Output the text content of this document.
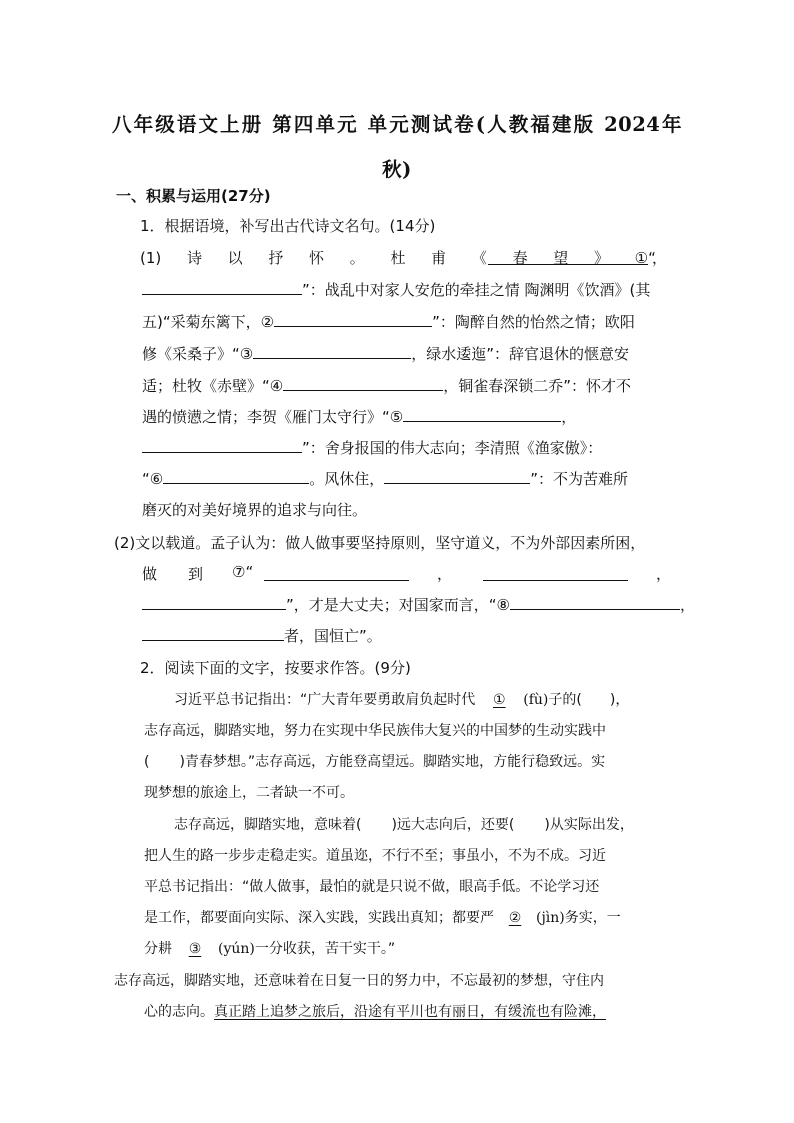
八年级语文上册 第四单元 单元测试卷(人教福建版 2024年
秋)
一、积累与运用(27分)
1．根据语境，补写出古代诗文名句。(14分)
(1) 诗 以 抒 怀 。 杜 甫 《 春 望 》 ①“
，
”：战乱中对家人安危的牵挂之情 陶渊明《饮酒》(其
五)“采菊东篱下，②	”：陶醉自然的怡然之情；欧阳
修《采桑子》“③	，绿水逶迤”：辞官退休的惬意安
适；杜牧《赤壁》“④	，铜雀春深锁二乔”：怀才不
遇的愤懑之情；李贺《雁门太守行》“⑤	，
”：舍身报国的伟大志向；李清照《渔家傲》：
“⑥	。风休住，	”：不为苦难所
磨灭的对美好境界的追求与向往。
(2)文以载道。孟子认为：做人做事要坚持原则，坚守道义，不为外部因素所困，
做 到 ⑦“	，	，
”，才是大丈夫；对国家而言，“⑧	，
者，国恒亡”。
2．阅读下面的文字，按要求作答。(9分)
习近平总书记指出：“广大青年要勇敢肩负起时代 ① (fù)子的( )，
志存高远，脚踏实地，努力在实现中华民族伟大复兴的中国梦的生动实践中
( )青春梦想。”志存高远，方能登高望远。脚踏实地，方能行稳致远。实
现梦想的旅途上，二者缺一不可。
志存高远，脚踏实地，意味着( )远大志向后，还要( )从实际出发，
把人生的路一步步走稳走实。道虽迩，不行不至；事虽小，不为不成。习近
平总书记指出：“做人做事，最怕的就是只说不做，眼高手低。不论学习还
是工作，都要面向实际、深入实践，实践出真知；都要严 ② (jìn)务实，一
分耕 ③ (yún)一分收获，苦干实干。”
志存高远，脚踏实地，还意味着在日复一日的努力中，不忘最初的梦想，守住内
心的志向。真正踏上追梦之旅后，沿途有平川也有丽日，有缓流也有险滩，
